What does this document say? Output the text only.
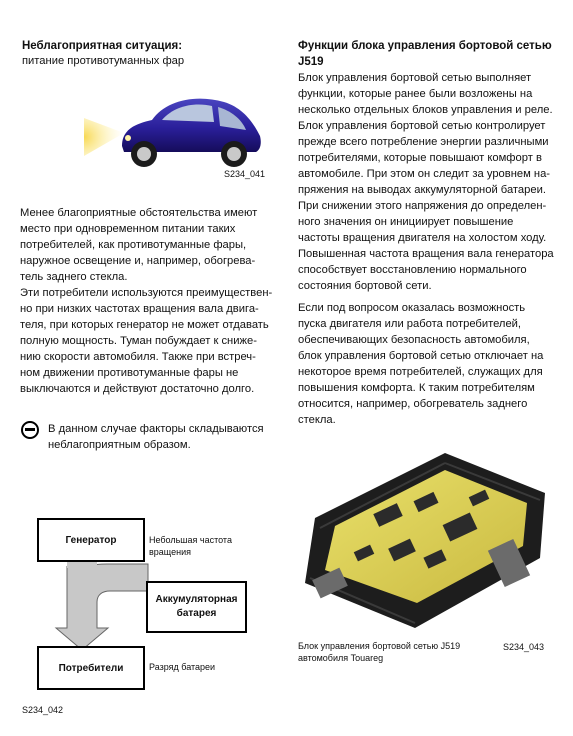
Неблагоприятная ситуация:
питание противотуманных фар
S234_041
Менее благоприятные обстоятельства имеют
место при одновременном питании таких
потребителей, как противотуманные фары,
наружное освещение и, например, обогрева-
тель заднего стекла.
Эти потребители используются преимуществен-
но при низких частотах вращения вала двига-
теля, при которых генератор не может отдавать
полную мощность. Туман побуждает к сниже-
нию скорости автомобиля. Также при встреч-
ном движении противотуманные фары не
выключаются и действуют достаточно долго.
В данном случае факторы складываются
неблагоприятным образом.
Генератор	Небольшая частота
вращения
Аккумуляторная
батарея
Потребители	Разряд батареи
S234_042
Функции блока управления бортовой сетью
J519
Блок управления бортовой сетью выполняет
функции, которые ранее были возложены на
несколько отдельных блоков управления и реле.
Блок управления бортовой сетью контролирует
прежде всего потребление энергии различными
потребителями, которые повышают комфорт в
автомобиле. При этом он следит за уровнем на-
пряжения на выводах аккумуляторной батареи.
При снижении этого напряжения до определен-
ного значения он инициирует повышение
частоты вращения двигателя на холостом ходу.
Повышенная частота вращения вала генератора
способствует восстановлению нормального
состояния бортовой сети.
Если под вопросом оказалась возможность
пуска двигателя или работа потребителей,
обеспечивающих безопасность автомобиля,
блок управления бортовой сетью отключает на
некоторое время потребителей, служащих для
повышения комфорта. К таким потребителям
относится, например, обогреватель заднего
стекла.
Блок управления бортовой сетью J519
автомобиля Touareg
S234_043
